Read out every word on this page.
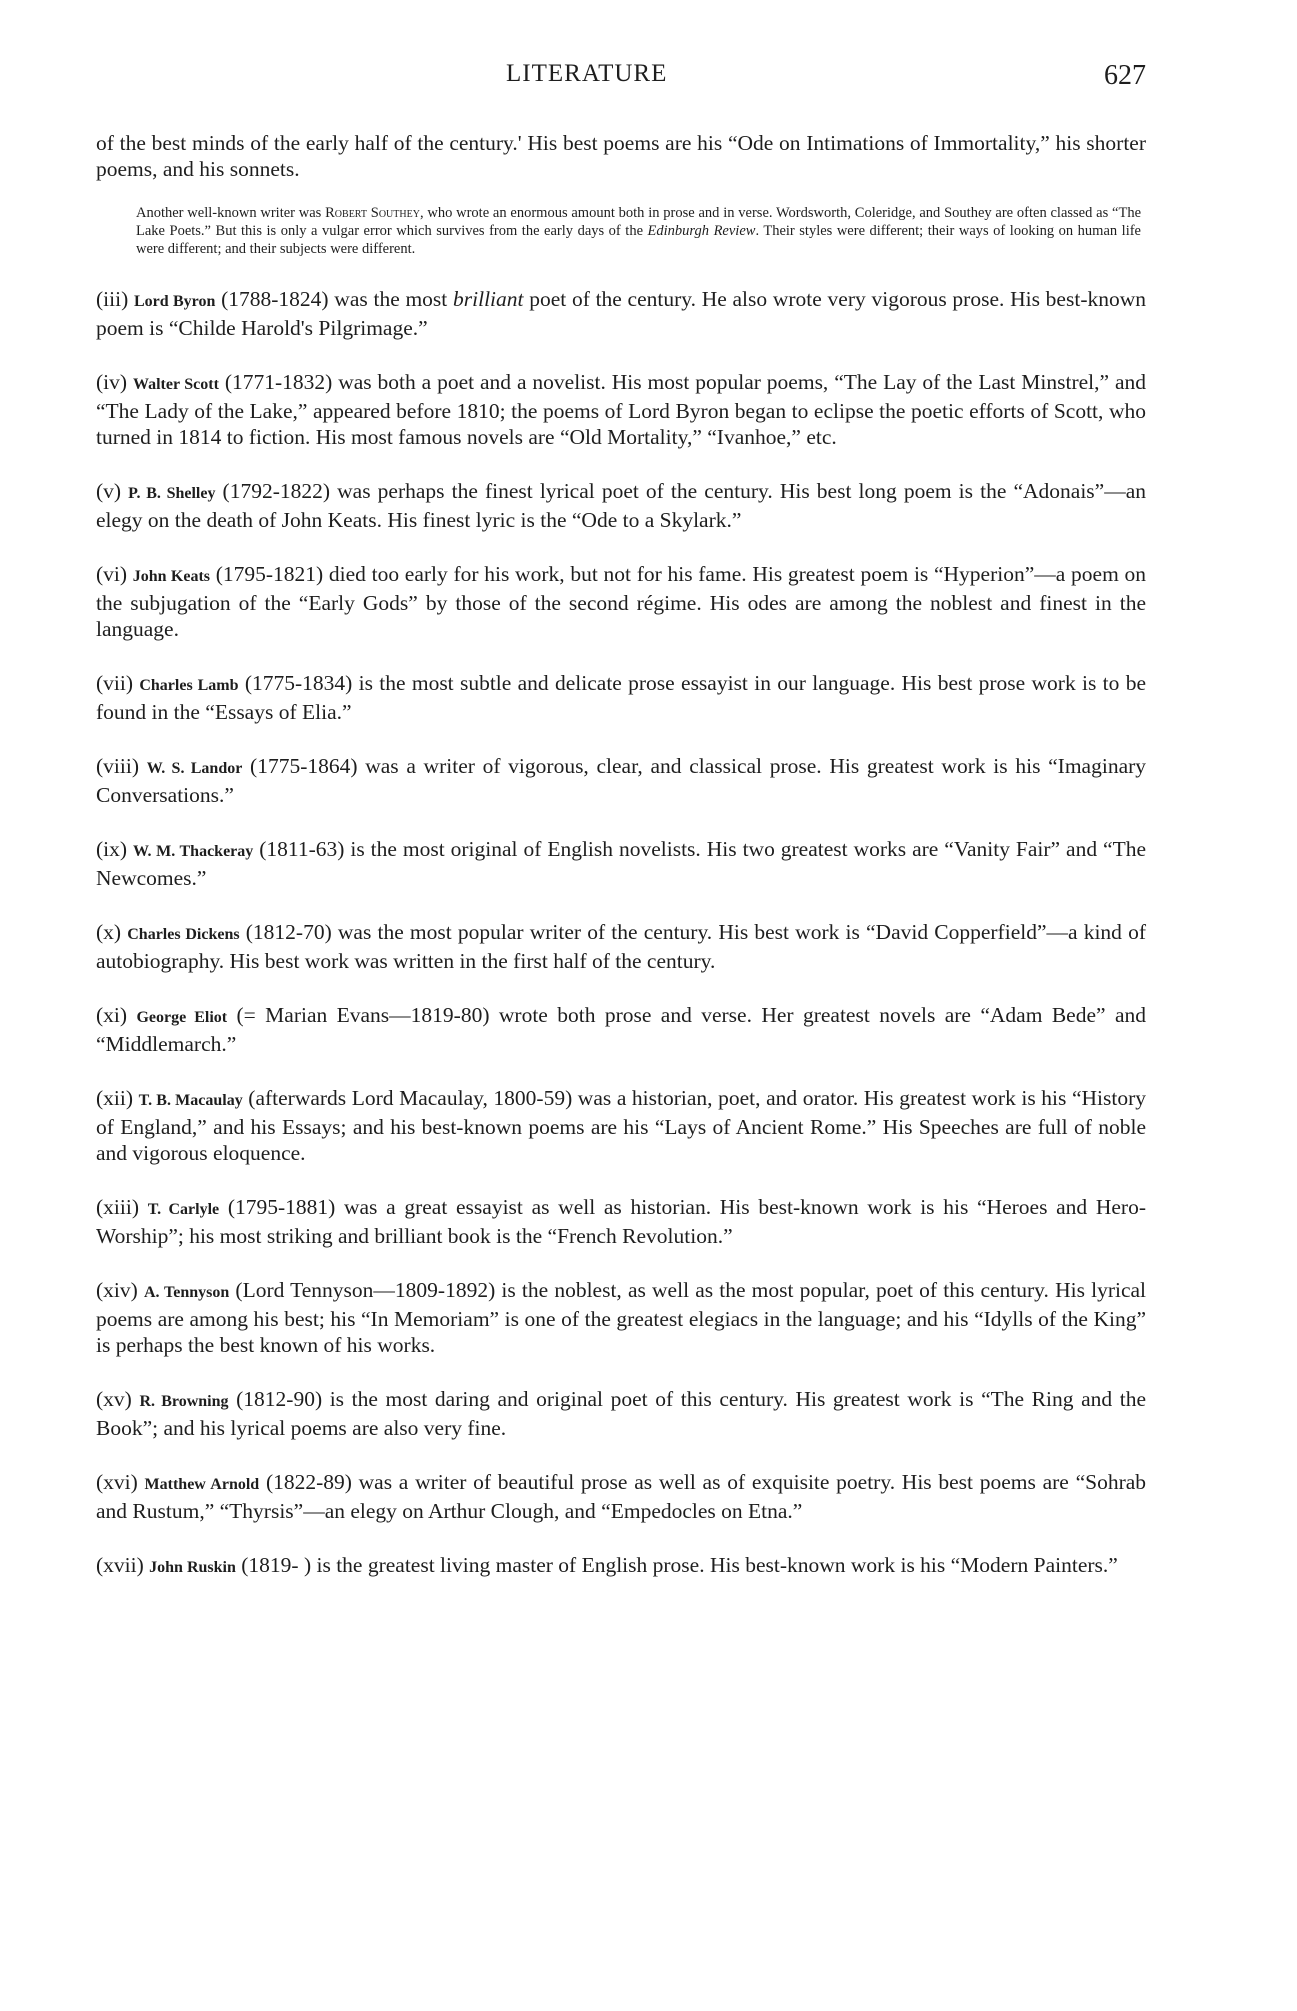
LITERATURE	627

of the best minds of the early half of the century.' His best poems are his “Ode on Intimations of Immortality,” his shorter poems, and his sonnets.

Another well-known writer was Robert Southey, who wrote an enormous amount both in prose and in verse. Wordsworth, Coleridge, and Southey are often classed as “The Lake Poets.” But this is only a vulgar error which survives from the early days of the Edinburgh Review. Their styles were different; their ways of looking on human life were different; and their subjects were different.

(iii) Lord Byron (1788-1824) was the most brilliant poet of the century. He also wrote very vigorous prose. His best-known poem is “Childe Harold's Pilgrimage.”

(iv) Walter Scott (1771-1832) was both a poet and a novelist. His most popular poems, “The Lay of the Last Minstrel,” and “The Lady of the Lake,” appeared before 1810; the poems of Lord Byron began to eclipse the poetic efforts of Scott, who turned in 1814 to fiction. His most famous novels are “Old Mortality,” “Ivanhoe,” etc.

(v) P. B. Shelley (1792-1822) was perhaps the finest lyrical poet of the century. His best long poem is the “Adonais”—an elegy on the death of John Keats. His finest lyric is the “Ode to a Skylark.”

(vi) John Keats (1795-1821) died too early for his work, but not for his fame. His greatest poem is “Hyperion”—a poem on the subjugation of the “Early Gods” by those of the second régime. His odes are among the noblest and finest in the language.

(vii) Charles Lamb (1775-1834) is the most subtle and delicate prose essayist in our language. His best prose work is to be found in the “Essays of Elia.”

(viii) W. S. Landor (1775-1864) was a writer of vigorous, clear, and classical prose. His greatest work is his “Imaginary Conversations.”

(ix) W. M. Thackeray (1811-63) is the most original of English novelists. His two greatest works are “Vanity Fair” and “The Newcomes.”

(x) Charles Dickens (1812-70) was the most popular writer of the century. His best work is “David Copperfield”—a kind of autobiography. His best work was written in the first half of the century.

(xi) George Eliot (= Marian Evans—1819-80) wrote both prose and verse. Her greatest novels are “Adam Bede” and “Middlemarch.”

(xii) T. B. Macaulay (afterwards Lord Macaulay, 1800-59) was a historian, poet, and orator. His greatest work is his “History of England,” and his Essays; and his best-known poems are his “Lays of Ancient Rome.” His Speeches are full of noble and vigorous eloquence.

(xiii) T. Carlyle (1795-1881) was a great essayist as well as historian. His best-known work is his “Heroes and Hero-Worship”; his most striking and brilliant book is the “French Revolution.”

(xiv) A. Tennyson (Lord Tennyson—1809-1892) is the noblest, as well as the most popular, poet of this century. His lyrical poems are among his best; his “In Memoriam” is one of the greatest elegiacs in the language; and his “Idylls of the King” is perhaps the best known of his works.

(xv) R. Browning (1812-90) is the most daring and original poet of this century. His greatest work is “The Ring and the Book”; and his lyrical poems are also very fine.

(xvi) Matthew Arnold (1822-89) was a writer of beautiful prose as well as of exquisite poetry. His best poems are “Sohrab and Rustum,” “Thyrsis”—an elegy on Arthur Clough, and “Empedocles on Etna.”

(xvii) John Ruskin (1819- ) is the greatest living master of English prose. His best-known work is his “Modern Painters.”
